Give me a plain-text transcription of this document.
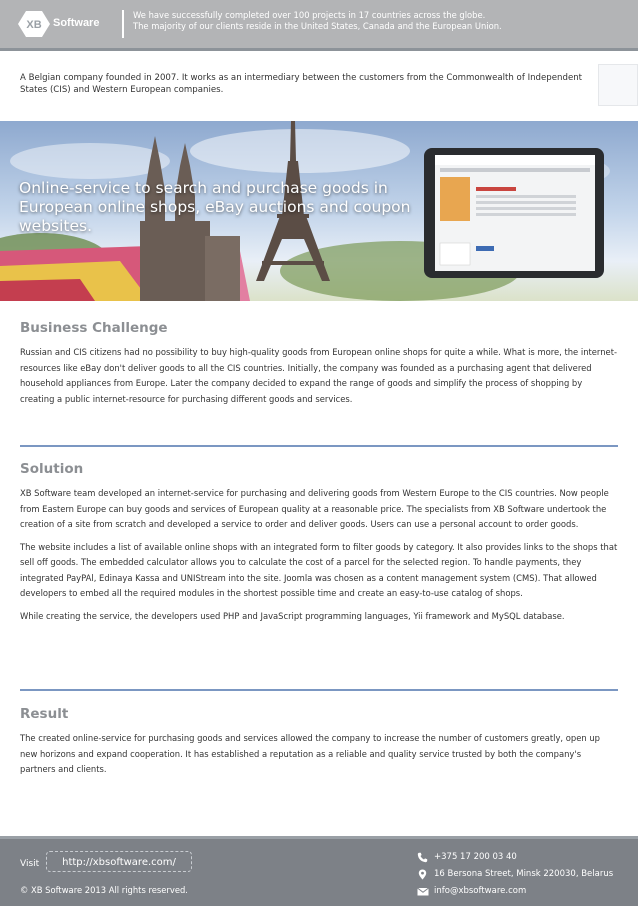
XB Software
We have successfully completed over 100 projects in 17 countries across the globe.
The majority of our clients reside in the United States, Canada and the European Union.
A Belgian company founded in 2007. It works as an intermediary between the customers from the Commonwealth of Independent States (CIS) and Western European companies.
Online-service to search and purchase goods in European online shops, eBay auctions and coupon websites.
Business Challenge

Russian and CIS citizens had no possibility to buy high-quality goods from European online shops for quite a while. What is more, the internet-resources like eBay don't deliver goods to all the CIS countries. Initially, the company was founded as a purchasing agent that delivered household appliances from Europe. Later the company decided to expand the range of goods and simplify the process of shopping by creating a public internet-resource for purchasing different goods and services.

Solution

XB Software team developed an internet-service for purchasing and delivering goods from Western Europe to the CIS countries. Now people from Eastern Europe can buy goods and services of European quality at a reasonable price. The specialists from XB Software undertook the creation of a site from scratch and developed a service to order and deliver goods. Users can use a personal account to order goods.

The website includes a list of available online shops with an integrated form to filter goods by category. It also provides links to the shops that sell off goods. The embedded calculator allows you to calculate the cost of a parcel for the selected region. To handle payments, they integrated PayPAl, Edinaya Kassa and UNIStream into the site. Joomla was chosen as a content management system (CMS). That allowed developers to embed all the required modules in the shortest possible time and create an easy-to-use catalog of shops.

While creating the service, the developers used PHP and JavaScript programming languages, Yii framework and MySQL database.

Result

The created online-service for purchasing goods and services allowed the company to increase the number of customers greatly, open up new horizons and expand cooperation. It has established a reputation as a reliable and quality service trusted by both the company's partners and clients.

Visit	http://xbsoftware.com/
© XB Software 2013 All rights reserved.
+375 17 200 03 40
16 Bersona Street, Minsk 220030, Belarus
info@xbsoftware.com
